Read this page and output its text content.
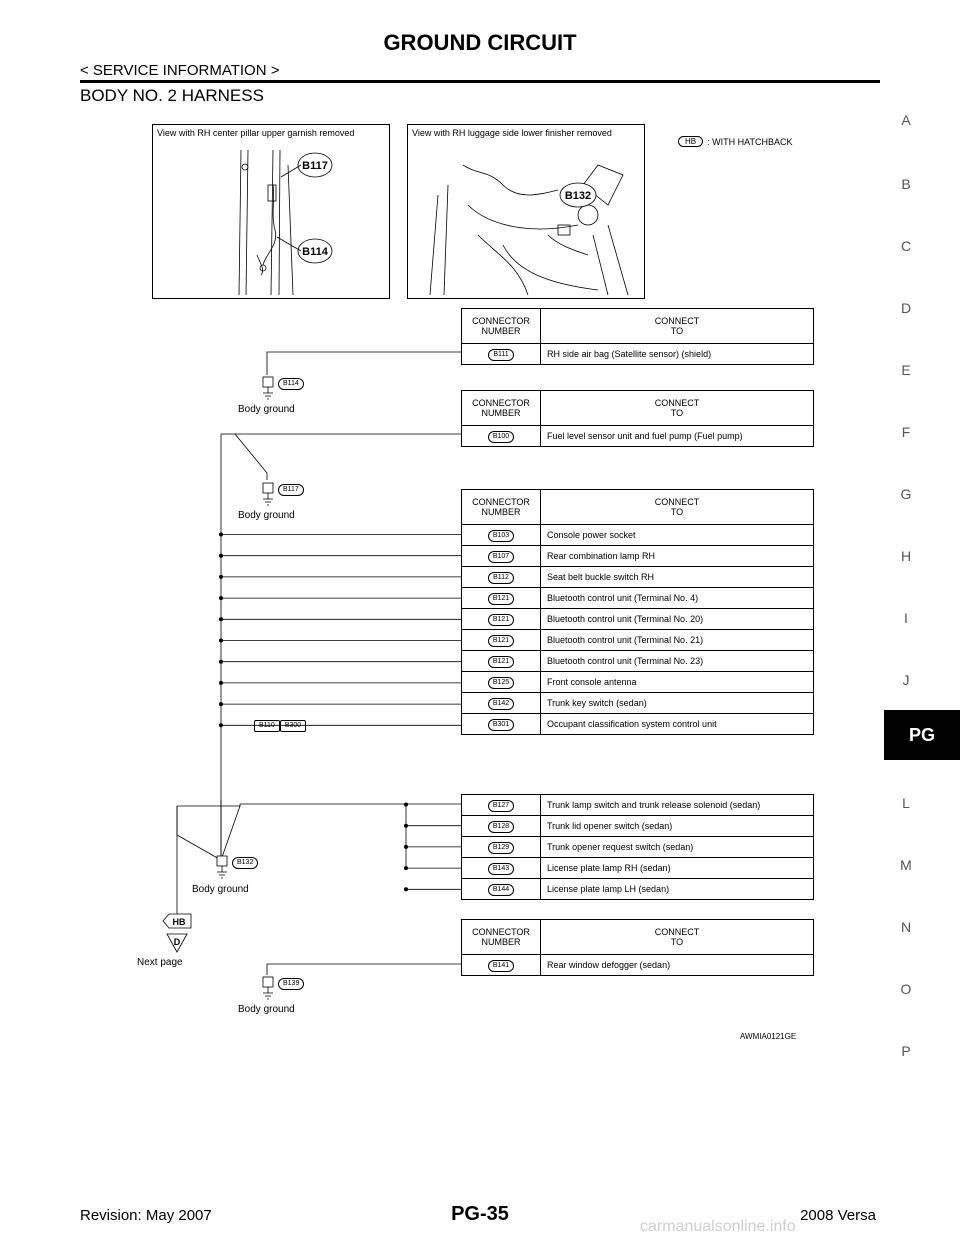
GROUND CIRCUIT
< SERVICE INFORMATION >
BODY NO. 2 HARNESS
A
B
C
D
E
F
G
H
I
J
L
M
N
O
P
PG
View with RH center pillar upper garnish removed
B117
B114
View with RH luggage side lower finisher removed
B132
HB	: WITH HATCHBACK
B114
Body ground
B117
Body ground
B132
Body ground
B139
Body ground
B110	B300
CONNECTOR
NUMBER	CONNECT
TO
B111	RH side air bag (Satellite sensor) (shield)
CONNECTOR
NUMBER	CONNECT
TO
B100	Fuel level sensor unit and fuel pump (Fuel pump)
CONNECTOR
NUMBER	CONNECT
TO
B103	Console power socket
B107	Rear combination lamp RH
B112	Seat belt buckle switch RH
B121	Bluetooth control unit (Terminal No. 4)
B121	Bluetooth control unit (Terminal No. 20)
B121	Bluetooth control unit (Terminal No. 21)
B121	Bluetooth control unit (Terminal No. 23)
B125	Front console antenna
B142	Trunk key switch (sedan)
B301	Occupant classification system control unit
B127	Trunk lamp switch and trunk release solenoid (sedan)
B128	Trunk lid opener switch (sedan)
B129	Trunk opener request switch (sedan)
B143	License plate lamp RH (sedan)
B144	License plate lamp LH (sedan)
CONNECTOR
NUMBER	CONNECT
TO
B141	Rear window defogger (sedan)
HB
D
Next page
AWMIA0121GE
Revision: May 2007	PG-35	2008 Versa
carmanualsonline.info
